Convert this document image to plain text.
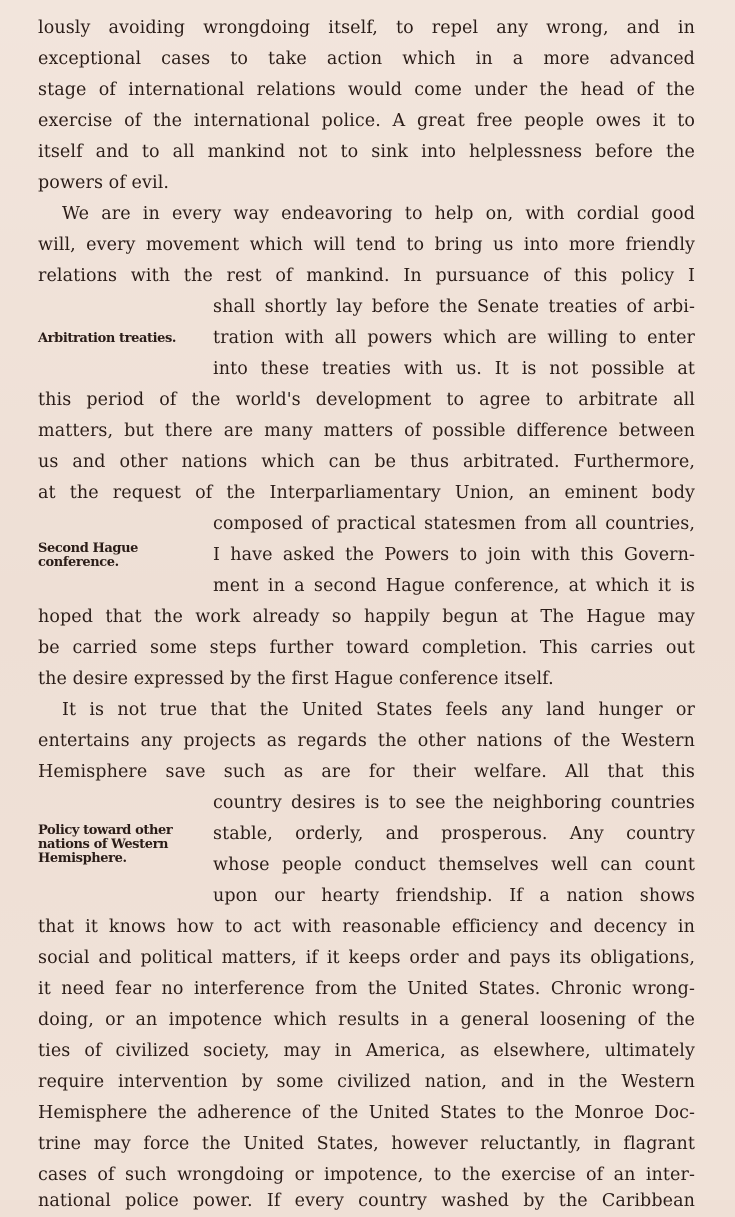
lously avoiding wrongdoing itself, to repel any wrong, and in
exceptional cases to take action which in a more advanced
stage of international relations would come under the head of the
exercise of the international police. A great free people owes it to
itself and to all mankind not to sink into helplessness before the
powers of evil.
We are in every way endeavoring to help on, with cordial good
will, every movement which will tend to bring us into more friendly
relations with the rest of mankind. In pursuance of this policy I
shall shortly lay before the Senate treaties of arbi-
tration with all powers which are willing to enter
into these treaties with us. It is not possible at
this period of the world's development to agree to arbitrate all
matters, but there are many matters of possible difference between
us and other nations which can be thus arbitrated. Furthermore,
at the request of the Interparliamentary Union, an eminent body
composed of practical statesmen from all countries,
I have asked the Powers to join with this Govern-
ment in a second Hague conference, at which it is
hoped that the work already so happily begun at The Hague may
be carried some steps further toward completion. This carries out
the desire expressed by the first Hague conference itself.
It is not true that the United States feels any land hunger or
entertains any projects as regards the other nations of the Western
Hemisphere save such as are for their welfare. All that this
country desires is to see the neighboring countries
stable, orderly, and prosperous. Any country
whose people conduct themselves well can count
upon our hearty friendship. If a nation shows
that it knows how to act with reasonable efficiency and decency in
social and political matters, if it keeps order and pays its obligations,
it need fear no interference from the United States. Chronic wrong-
doing, or an impotence which results in a general loosening of the
ties of civilized society, may in America, as elsewhere, ultimately
require intervention by some civilized nation, and in the Western
Hemisphere the adherence of the United States to the Monroe Doc-
trine may force the United States, however reluctantly, in flagrant
cases of such wrongdoing or impotence, to the exercise of an inter-
national police power. If every country washed by the Caribbean
Arbitration treaties.
Second Hague conference.
Policy toward other nations of Western Hemisphere.
